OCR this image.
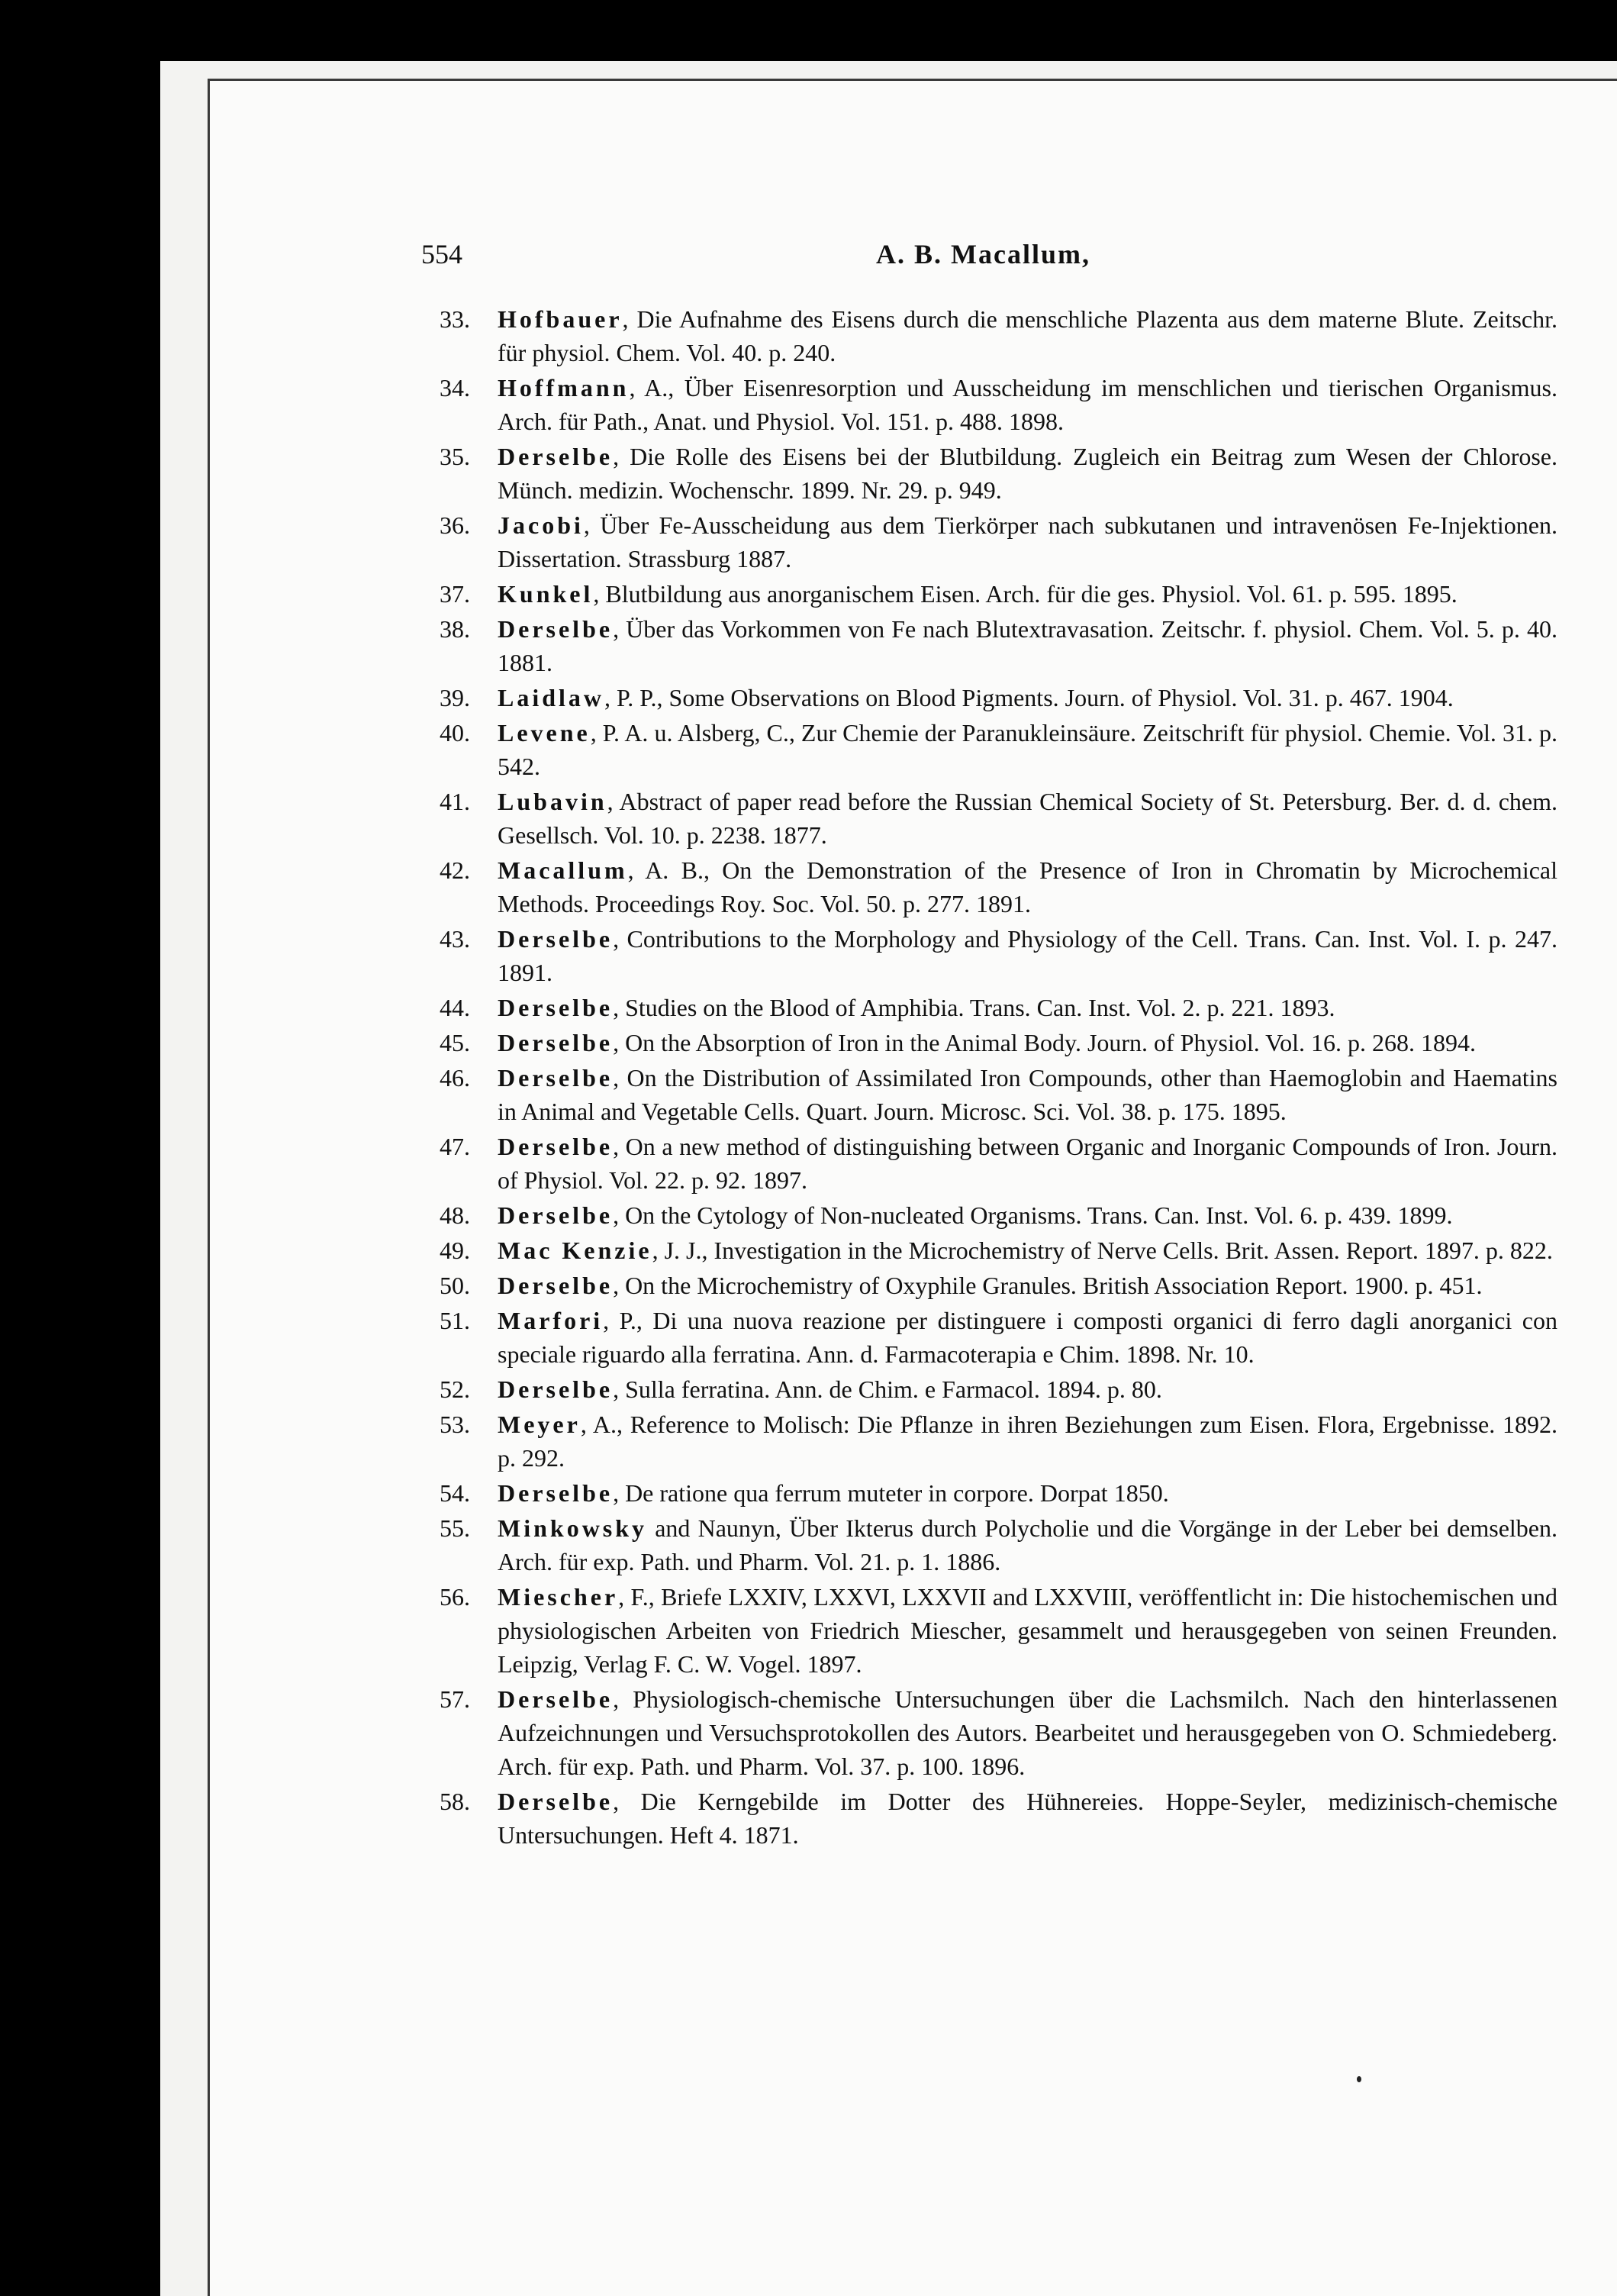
554	A. B. Macallum,
33. Hofbauer, Die Aufnahme des Eisens durch die menschliche Plazenta aus dem materne Blute. Zeitschr. für physiol. Chem. Vol. 40. p. 240.
34. Hoffmann, A., Über Eisenresorption und Ausscheidung im menschlichen und tierischen Organismus. Arch. für Path., Anat. und Physiol. Vol. 151. p. 488. 1898.
35. Derselbe, Die Rolle des Eisens bei der Blutbildung. Zugleich ein Beitrag zum Wesen der Chlorose. Münch. medizin. Wochenschr. 1899. Nr. 29. p. 949.
36. Jacobi, Über Fe-Ausscheidung aus dem Tierkörper nach subkutanen und intravenösen Fe-Injektionen. Dissertation. Strassburg 1887.
37. Kunkel, Blutbildung aus anorganischem Eisen. Arch. für die ges. Physiol. Vol. 61. p. 595. 1895.
38. Derselbe, Über das Vorkommen von Fe nach Blutextravasation. Zeitschr. f. physiol. Chem. Vol. 5. p. 40. 1881.
39. Laidlaw, P. P., Some Observations on Blood Pigments. Journ. of Physiol. Vol. 31. p. 467. 1904.
40. Levene, P. A. u. Alsberg, C., Zur Chemie der Paranukleinsäure. Zeitschrift für physiol. Chemie. Vol. 31. p. 542.
41. Lubavin, Abstract of paper read before the Russian Chemical Society of St. Petersburg. Ber. d. d. chem. Gesellsch. Vol. 10. p. 2238. 1877.
42. Macallum, A. B., On the Demonstration of the Presence of Iron in Chromatin by Microchemical Methods. Proceedings Roy. Soc. Vol. 50. p. 277. 1891.
43. Derselbe, Contributions to the Morphology and Physiology of the Cell. Trans. Can. Inst. Vol. I. p. 247. 1891.
44. Derselbe, Studies on the Blood of Amphibia. Trans. Can. Inst. Vol. 2. p. 221. 1893.
45. Derselbe, On the Absorption of Iron in the Animal Body. Journ. of Physiol. Vol. 16. p. 268. 1894.
46. Derselbe, On the Distribution of Assimilated Iron Compounds, other than Haemoglobin and Haematins in Animal and Vegetable Cells. Quart. Journ. Microsc. Sci. Vol. 38. p. 175. 1895.
47. Derselbe, On a new method of distinguishing between Organic and Inorganic Compounds of Iron. Journ. of Physiol. Vol. 22. p. 92. 1897.
48. Derselbe, On the Cytology of Non-nucleated Organisms. Trans. Can. Inst. Vol. 6. p. 439. 1899.
49. Mac Kenzie, J. J., Investigation in the Microchemistry of Nerve Cells. Brit. Assen. Report. 1897. p. 822.
50. Derselbe, On the Microchemistry of Oxyphile Granules. British Association Report. 1900. p. 451.
51. Marfori, P., Di una nuova reazione per distinguere i composti organici di ferro dagli anorganici con speciale riguardo alla ferratina. Ann. d. Farmacoterapia e Chim. 1898. Nr. 10.
52. Derselbe, Sulla ferratina. Ann. de Chim. e Farmacol. 1894. p. 80.
53. Meyer, A., Reference to Molisch: Die Pflanze in ihren Beziehungen zum Eisen. Flora, Ergebnisse. 1892. p. 292.
54. Derselbe, De ratione qua ferrum muteter in corpore. Dorpat 1850.
55. Minkowsky and Naunyn, Über Ikterus durch Polycholie und die Vorgänge in der Leber bei demselben. Arch. für exp. Path. und Pharm. Vol. 21. p. 1. 1886.
56. Miescher, F., Briefe LXXIV, LXXVI, LXXVII and LXXVIII, veröffentlicht in: Die histochemischen und physiologischen Arbeiten von Friedrich Miescher, gesammelt und herausgegeben von seinen Freunden. Leipzig, Verlag F. C. W. Vogel. 1897.
57. Derselbe, Physiologisch-chemische Untersuchungen über die Lachsmilch. Nach den hinterlassenen Aufzeichnungen und Versuchsprotokollen des Autors. Bearbeitet und herausgegeben von O. Schmiedeberg. Arch. für exp. Path. und Pharm. Vol. 37. p. 100. 1896.
58. Derselbe, Die Kerngebilde im Dotter des Hühnereies. Hoppe-Seyler, medizinisch-chemische Untersuchungen. Heft 4. 1871.
